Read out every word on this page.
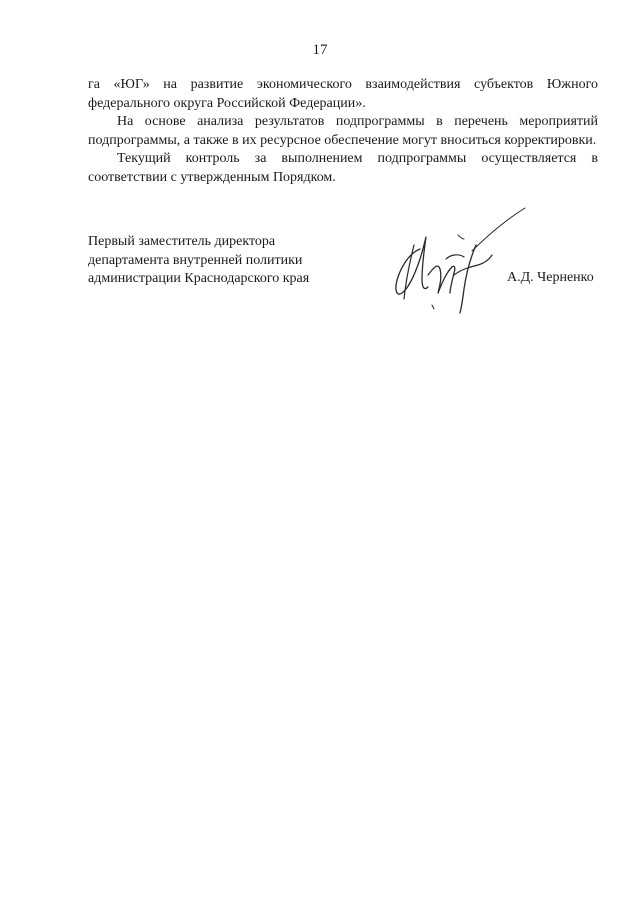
17

га «ЮГ» на развитие экономического взаимодействия субъектов Южного федерального округа Российской Федерации».

На основе анализа результатов подпрограммы в перечень мероприятий подпрограммы, а также в их ресурсное обеспечение могут вноситься корректировки.

Текущий контроль за выполнением подпрограммы осуществляется в соответствии с утвержденным Порядком.

Первый заместитель директора
департамента внутренней политики
администрации Краснодарского края	А.Д. Черненко
